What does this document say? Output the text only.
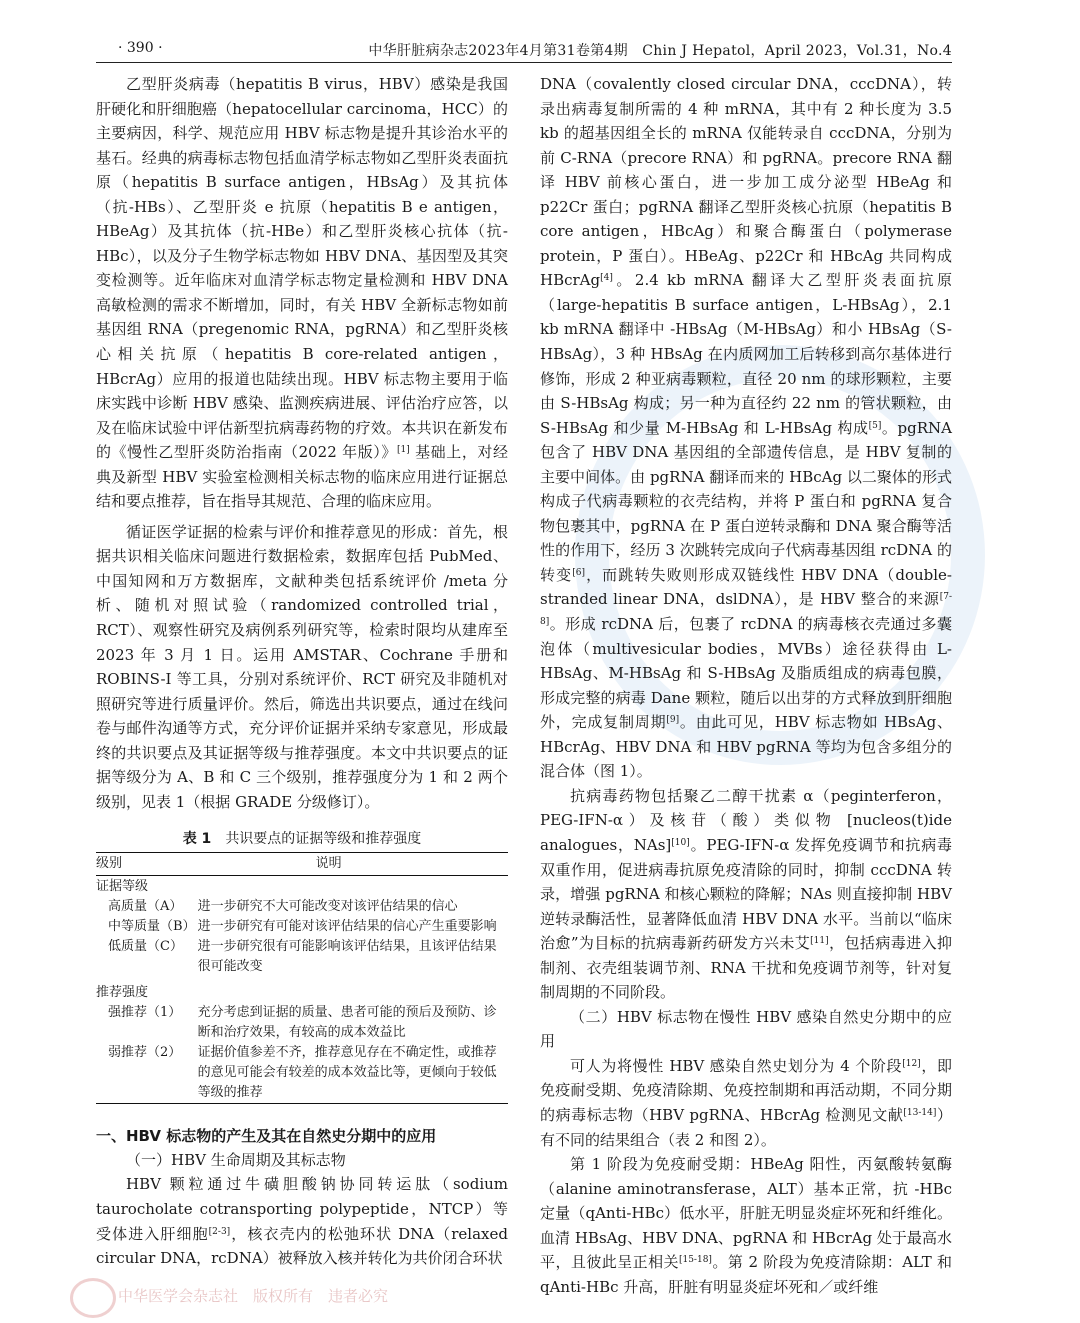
· 390 ·	中华肝脏病杂志2023年4月第31卷第4期　Chin J Hepatol，April 2023，Vol.31，No.4

乙型肝炎病毒（hepatitis B virus，HBV）感染是我国肝硬化和肝细胞癌（hepatocellular carcinoma，HCC）的主要病因，科学、规范应用 HBV 标志物是提升其诊治水平的基石。经典的病毒标志物包括血清学标志物如乙型肝炎表面抗原（hepatitis B surface antigen，HBsAg）及其抗体（抗-HBs）、乙型肝炎 e 抗原（hepatitis B e antigen，HBeAg）及其抗体（抗-HBe）和乙型肝炎核心抗体（抗-HBc），以及分子生物学标志物如 HBV DNA、基因型及其突变检测等。近年临床对血清学标志物定量检测和 HBV DNA 高敏检测的需求不断增加，同时，有关 HBV 全新标志物如前基因组 RNA（pregenomic RNA，pgRNA）和乙型肝炎核心相关抗原（hepatitis B core-related antigen，HBcrAg）应用的报道也陆续出现。HBV 标志物主要用于临床实践中诊断 HBV 感染、监测疾病进展、评估治疗应答，以及在临床试验中评估新型抗病毒药物的疗效。本共识在新发布的《慢性乙型肝炎防治指南（2022 年版）》[1] 基础上，对经典及新型 HBV 实验室检测相关标志物的临床应用进行证据总结和要点推荐，旨在指导其规范、合理的临床应用。

循证医学证据的检索与评价和推荐意见的形成：首先，根据共识相关临床问题进行数据检索，数据库包括 PubMed、中国知网和万方数据库，文献种类包括系统评价 /meta 分析、随机对照试验（randomized controlled trial，RCT）、观察性研究及病例系列研究等，检索时限均从建库至 2023 年 3 月 1 日。运用 AMSTAR、Cochrane 手册和 ROBINS-I 等工具，分别对系统评价、RCT 研究及非随机对照研究等进行质量评价。然后，筛选出共识要点，通过在线问卷与邮件沟通等方式，充分评价证据并采纳专家意见，形成最终的共识要点及其证据等级与推荐强度。本文中共识要点的证据等级分为 A、B 和 C 三个级别，推荐强度分为 1 和 2 两个级别，见表 1（根据 GRADE 分级修订）。

表 1 共识要点的证据等级和推荐强度
级别	说明
证据等级	
高质量（A）	进一步研究不大可能改变对该评估结果的信心
中等质量（B）	进一步研究有可能对该评估结果的信心产生重要影响
低质量（C）	进一步研究很有可能影响该评估结果，且该评估结果很可能改变
推荐强度	
强推荐（1）	充分考虑到证据的质量、患者可能的预后及预防、诊断和治疗效果，有较高的成本效益比
弱推荐（2）	证据价值参差不齐，推荐意见存在不确定性，或推荐的意见可能会有较差的成本效益比等，更倾向于较低等级的推荐
一、HBV 标志物的产生及其在自然史分期中的应用
（一）HBV 生命周期及其标志物

HBV 颗粒通过牛磺胆酸钠协同转运肽（sodium taurocholate cotransporting polypeptide，NTCP）等受体进入肝细胞[2-3]，核衣壳内的松弛环状 DNA（relaxed circular DNA，rcDNA）被释放入核并转化为共价闭合环状

DNA（covalently closed circular DNA，cccDNA），转录出病毒复制所需的 4 种 mRNA，其中有 2 种长度为 3.5 kb 的超基因组全长的 mRNA 仅能转录自 cccDNA，分别为前 C-RNA（precore RNA）和 pgRNA。precore RNA 翻译 HBV 前核心蛋白，进一步加工成分泌型 HBeAg 和 p22Cr 蛋白；pgRNA 翻译乙型肝炎核心抗原（hepatitis B core antigen，HBcAg）和聚合酶蛋白（polymerase protein，P 蛋白）。HBeAg、p22Cr 和 HBcAg 共同构成 HBcrAg[4]。2.4 kb mRNA 翻译大乙型肝炎表面抗原（large-hepatitis B surface antigen，L-HBsAg），2.1 kb mRNA 翻译中 -HBsAg（M-HBsAg）和小 HBsAg（S-HBsAg），3 种 HBsAg 在内质网加工后转移到高尔基体进行修饰，形成 2 种亚病毒颗粒，直径 20 nm 的球形颗粒，主要由 S-HBsAg 构成；另一种为直径约 22 nm 的管状颗粒，由 S-HBsAg 和少量 M-HBsAg 和 L-HBsAg 构成[5]。pgRNA 包含了 HBV DNA 基因组的全部遗传信息，是 HBV 复制的主要中间体。由 pgRNA 翻译而来的 HBcAg 以二聚体的形式构成子代病毒颗粒的衣壳结构，并将 P 蛋白和 pgRNA 复合物包裹其中，pgRNA 在 P 蛋白逆转录酶和 DNA 聚合酶等活性的作用下，经历 3 次跳转完成向子代病毒基因组 rcDNA 的转变[6]，而跳转失败则形成双链线性 HBV DNA（double-stranded linear DNA，dslDNA），是 HBV 整合的来源[7-8]。形成 rcDNA 后，包裹了 rcDNA 的病毒核衣壳通过多囊泡体（multivesicular bodies，MVBs）途径获得由 L-HBsAg、M-HBsAg 和 S-HBsAg 及脂质组成的病毒包膜，形成完整的病毒 Dane 颗粒，随后以出芽的方式释放到肝细胞外，完成复制周期[9]。由此可见，HBV 标志物如 HBsAg、HBcrAg、HBV DNA 和 HBV pgRNA 等均为包含多组分的混合体（图 1）。

抗病毒药物包括聚乙二醇干扰素 α（peginterferon，PEG-IFN-α）及核苷（酸）类似物 [nucleos(t)ide analogues，NAs][10]。PEG-IFN-α 发挥免疫调节和抗病毒双重作用，促进病毒抗原免疫清除的同时，抑制 cccDNA 转录，增强 pgRNA 和核心颗粒的降解；NAs 则直接抑制 HBV 逆转录酶活性，显著降低血清 HBV DNA 水平。当前以“临床治愈”为目标的抗病毒新药研发方兴未艾[11]，包括病毒进入抑制剂、衣壳组装调节剂、RNA 干扰和免疫调节剂等，针对复制周期的不同阶段。

（二）HBV 标志物在慢性 HBV 感染自然史分期中的应用

可人为将慢性 HBV 感染自然史划分为 4 个阶段[12]，即免疫耐受期、免疫清除期、免疫控制期和再活动期，不同分期的病毒标志物（HBV pgRNA、HBcrAg 检测见文献[13-14]）有不同的结果组合（表 2 和图 2）。

第 1 阶段为免疫耐受期：HBeAg 阳性，丙氨酸转氨酶（alanine aminotransferase，ALT）基本正常，抗 -HBc 定量（qAnti-HBc）低水平，肝脏无明显炎症坏死和纤维化。血清 HBsAg、HBV DNA、pgRNA 和 HBcrAg 处于最高水平，且彼此呈正相关[15-18]。第 2 阶段为免疫清除期：ALT 和 qAnti-HBc 升高，肝脏有明显炎症坏死和／或纤维

中华医学会杂志社　版权所有　违者必究
